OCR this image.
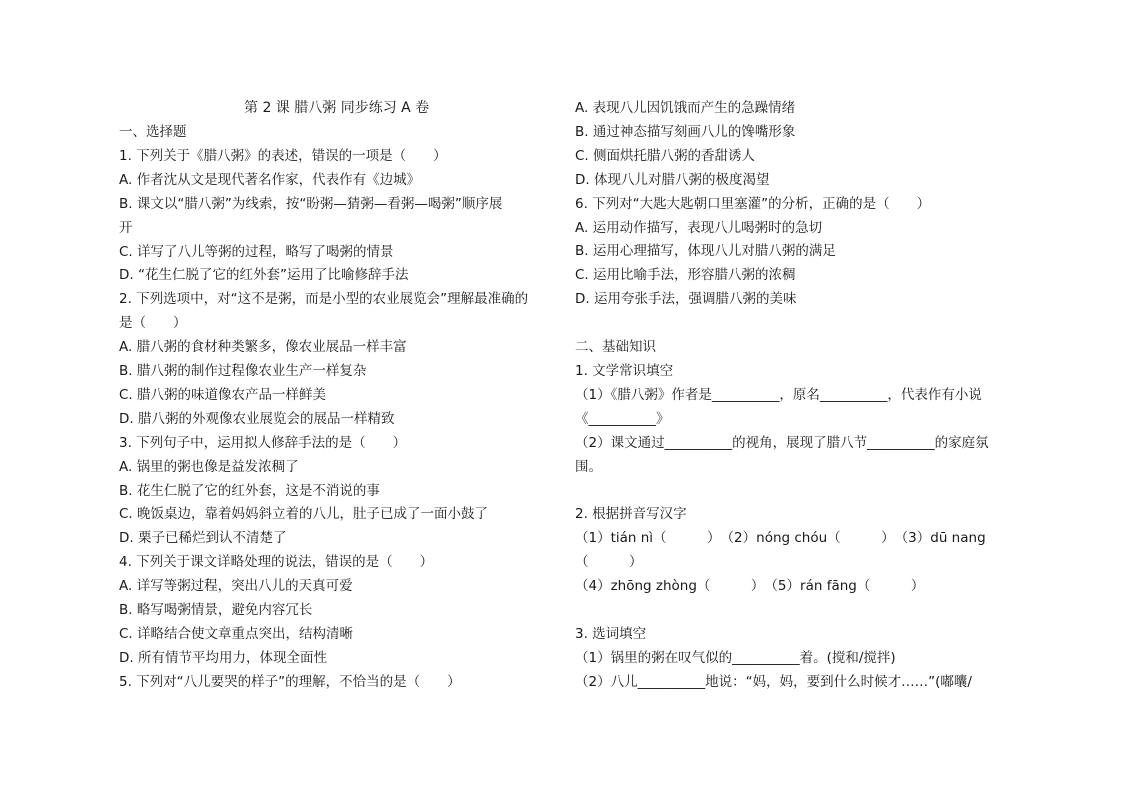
第 2 课 腊八粥 同步练习 A 卷
一、选择题
1. 下列关于《腊八粥》的表述，错误的一项是（　　）
A. 作者沈从文是现代著名作家，代表作有《边城》
B. 课文以“腊八粥”为线索，按“盼粥—猜粥—看粥—喝粥”顺序展
开
C. 详写了八儿等粥的过程，略写了喝粥的情景
D. “花生仁脱了它的红外套”运用了比喻修辞手法
2. 下列选项中，对“这不是粥，而是小型的农业展览会”理解最准确的
是（　　）
A. 腊八粥的食材种类繁多，像农业展品一样丰富
B. 腊八粥的制作过程像农业生产一样复杂
C. 腊八粥的味道像农产品一样鲜美
D. 腊八粥的外观像农业展览会的展品一样精致
3. 下列句子中，运用拟人修辞手法的是（　　）
A. 锅里的粥也像是益发浓稠了
B. 花生仁脱了它的红外套，这是不消说的事
C. 晚饭桌边，靠着妈妈斜立着的八儿，肚子已成了一面小鼓了
D. 栗子已稀烂到认不清楚了
4. 下列关于课文详略处理的说法，错误的是（　　）
A. 详写等粥过程，突出八儿的天真可爱
B. 略写喝粥情景，避免内容冗长
C. 详略结合使文章重点突出，结构清晰
D. 所有情节平均用力，体现全面性
5. 下列对“八儿要哭的样子”的理解，不恰当的是（　　）
A. 表现八儿因饥饿而产生的急躁情绪
B. 通过神态描写刻画八儿的馋嘴形象
C. 侧面烘托腊八粥的香甜诱人
D. 体现八儿对腊八粥的极度渴望
6. 下列对“大匙大匙朝口里塞灌”的分析，正确的是（　　）
A. 运用动作描写，表现八儿喝粥时的急切
B. 运用心理描写，体现八儿对腊八粥的满足
C. 运用比喻手法，形容腊八粥的浓稠
D. 运用夸张手法，强调腊八粥的美味
二、基础知识
1. 文学常识填空
（1）《腊八粥》作者是__________，原名__________，代表作有小说
《__________》
（2）课文通过__________的视角，展现了腊八节__________的家庭氛
围。
2. 根据拼音写汉字
（1）tián nì（　　　）　（2）nóng chóu（　　　）　（3）dū nang
（　　　）
（4）zhōng zhòng（　　　）　（5）rán fāng（　　　）
3. 选词填空
（1）锅里的粥在叹气似的__________着。(搅和/搅拌)
（2）八儿__________地说：“妈，妈，要到什么时候才……”(嘟囔/
